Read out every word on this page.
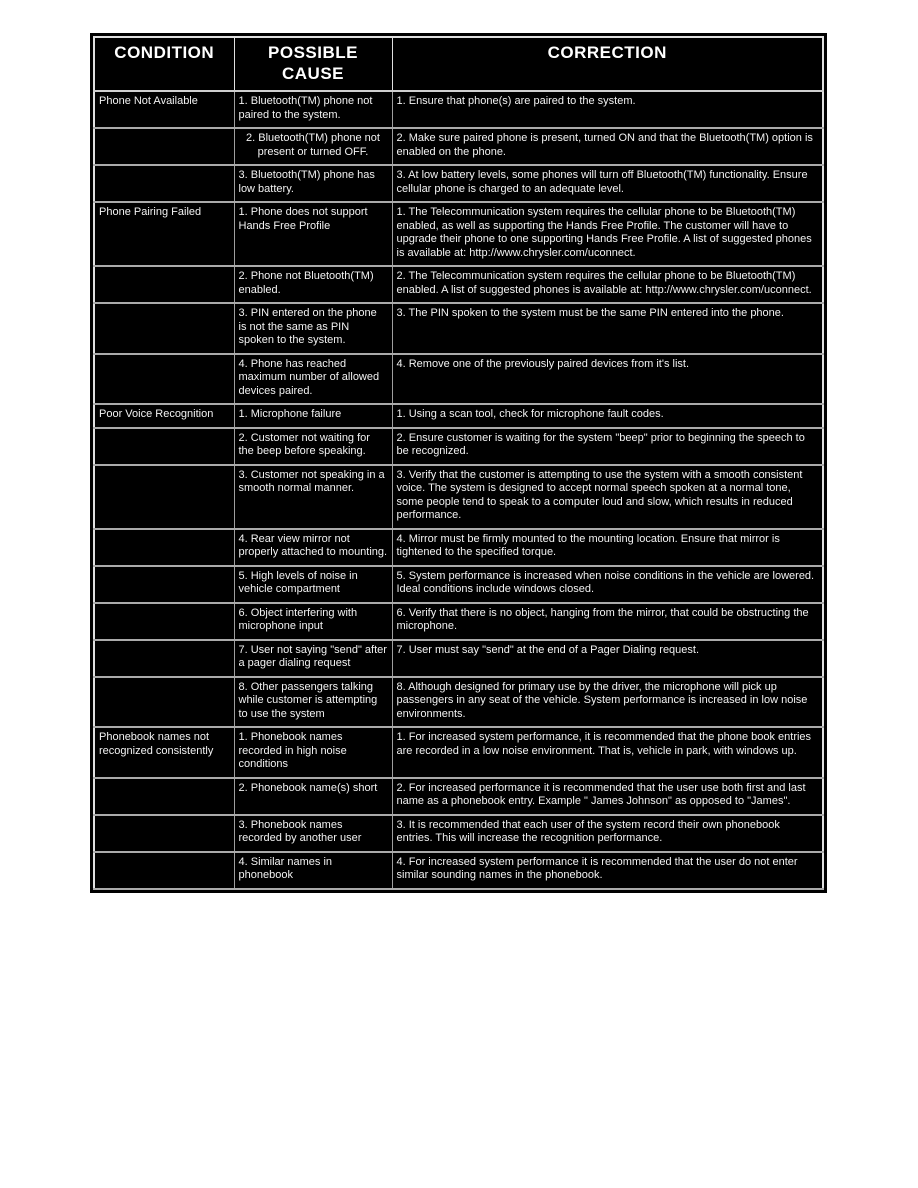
CONDITION	POSSIBLE CAUSE	CORRECTION
Phone Not Available	1. Bluetooth(TM) phone not paired to the system.	1. Ensure that phone(s) are paired to the system.
	2. Bluetooth(TM) phone not present or turned OFF.	2. Make sure paired phone is present, turned ON and that the Bluetooth(TM) option is enabled on the phone.
	3. Bluetooth(TM) phone has low battery.	3. At low battery levels, some phones will turn off Bluetooth(TM) functionality. Ensure cellular phone is charged to an adequate level.
Phone Pairing Failed	1. Phone does not support Hands Free Profile	1. The Telecommunication system requires the cellular phone to be Bluetooth(TM) enabled, as well as supporting the Hands Free Profile. The customer will have to upgrade their phone to one supporting Hands Free Profile. A list of suggested phones is available at: http://www.chrysler.com/uconnect.
	2. Phone not Bluetooth(TM) enabled.	2. The Telecommunication system requires the cellular phone to be Bluetooth(TM) enabled. A list of suggested phones is available at: http://www.chrysler.com/uconnect.
	3. PIN entered on the phone is not the same as PIN spoken to the system.	3. The PIN spoken to the system must be the same PIN entered into the phone.
	4. Phone has reached maximum number of allowed devices paired.	4. Remove one of the previously paired devices from it's list.
Poor Voice Recognition	1. Microphone failure	1. Using a scan tool, check for microphone fault codes.
	2. Customer not waiting for the beep before speaking.	2. Ensure customer is waiting for the system "beep" prior to beginning the speech to be recognized.
	3. Customer not speaking in a smooth normal manner.	3. Verify that the customer is attempting to use the system with a smooth consistent voice. The system is designed to accept normal speech spoken at a normal tone, some people tend to speak to a computer loud and slow, which results in reduced performance.
	4. Rear view mirror not properly attached to mounting.	4. Mirror must be firmly mounted to the mounting location. Ensure that mirror is tightened to the specified torque.
	5. High levels of noise in vehicle compartment	5. System performance is increased when noise conditions in the vehicle are lowered. Ideal conditions include windows closed.
	6. Object interfering with microphone input	6. Verify that there is no object, hanging from the mirror, that could be obstructing the microphone.
	7. User not saying "send" after a pager dialing request	7. User must say "send" at the end of a Pager Dialing request.
	8. Other passengers talking while customer is attempting to use the system	8. Although designed for primary use by the driver, the microphone will pick up passengers in any seat of the vehicle. System performance is increased in low noise environments.
Phonebook names not recognized consistently	1. Phonebook names recorded in high noise conditions	1. For increased system performance, it is recommended that the phone book entries are recorded in a low noise environment. That is, vehicle in park, with windows up.
	2. Phonebook name(s) short	2. For increased performance it is recommended that the user use both first and last name as a phonebook entry. Example " James Johnson" as opposed to "James".
	3. Phonebook names recorded by another user	3. It is recommended that each user of the system record their own phonebook entries. This will increase the recognition performance.
	4. Similar names in phonebook	4. For increased system performance it is recommended that the user do not enter similar sounding names in the phonebook.
